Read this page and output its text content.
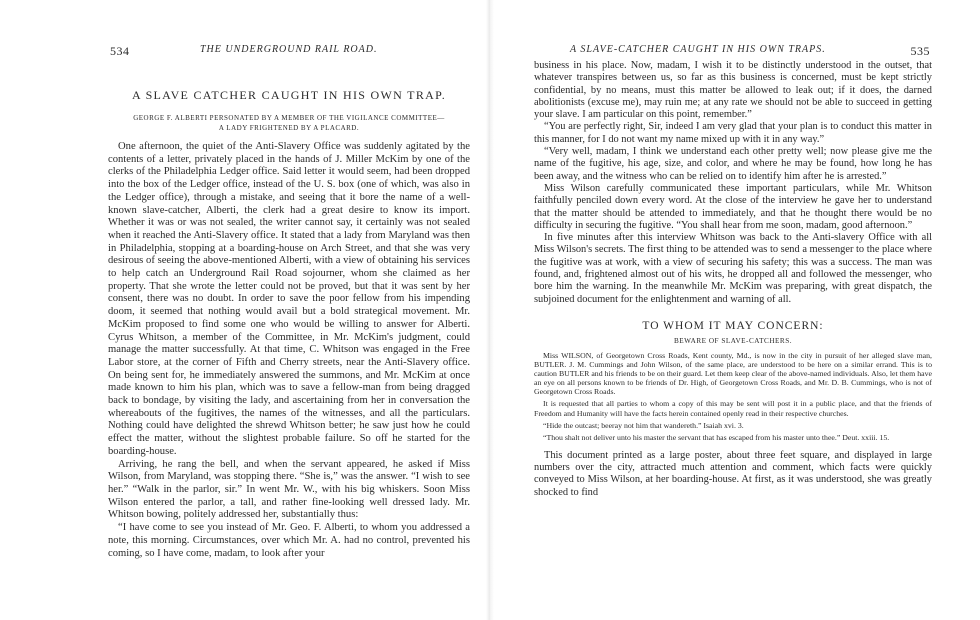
534	THE UNDERGROUND RAIL ROAD.
A SLAVE CATCHER CAUGHT IN HIS OWN TRAP.
GEORGE F. ALBERTI PERSONATED BY A MEMBER OF THE VIGILANCE COMMITTEE—
A LADY FRIGHTENED BY A PLACARD.

One afternoon, the quiet of the Anti-Slavery Office was suddenly agitated by the contents of a letter, privately placed in the hands of J. Miller McKim by one of the clerks of the Philadelphia Ledger office. Said letter it would seem, had been dropped into the box of the Ledger office, instead of the U. S. box (one of which, was also in the Ledger office), through a mistake, and seeing that it bore the name of a well-known slave-catcher, Alberti, the clerk had a great desire to know its import. Whether it was or was not sealed, the writer cannot say, it certainly was not sealed when it reached the Anti-Slavery office. It stated that a lady from Maryland was then in Philadelphia, stopping at a boarding-house on Arch Street, and that she was very desirous of seeing the above-mentioned Alberti, with a view of obtaining his services to help catch an Underground Rail Road sojourner, whom she claimed as her property. That she wrote the letter could not be proved, but that it was sent by her consent, there was no doubt. In order to save the poor fellow from his impending doom, it seemed that nothing would avail but a bold strategical movement. Mr. McKim proposed to find some one who would be willing to answer for Alberti. Cyrus Whitson, a member of the Committee, in Mr. McKim's judgment, could manage the matter successfully. At that time, C. Whitson was engaged in the Free Labor store, at the corner of Fifth and Cherry streets, near the Anti-Slavery office. On being sent for, he immediately answered the summons, and Mr. McKim at once made known to him his plan, which was to save a fellow-man from being dragged back to bondage, by visiting the lady, and ascertaining from her in conversation the whereabouts of the fugitives, the names of the witnesses, and all the particulars. Nothing could have delighted the shrewd Whitson better; he saw just how he could effect the matter, without the slightest probable failure. So off he started for the boarding-house.

Arriving, he rang the bell, and when the servant appeared, he asked if Miss Wilson, from Maryland, was stopping there. “She is,” was the answer. “I wish to see her.” “Walk in the parlor, sir.” In went Mr. W., with his big whiskers. Soon Miss Wilson entered the parlor, a tall, and rather fine-looking well dressed lady. Mr. Whitson bowing, politely addressed her, substantially thus:

“I have come to see you instead of Mr. Geo. F. Alberti, to whom you addressed a note, this morning. Circumstances, over which Mr. A. had no control, prevented his coming, so I have come, madam, to look after your

A SLAVE-CATCHER CAUGHT IN HIS OWN TRAPS.	535

business in his place. Now, madam, I wish it to be distinctly understood in the outset, that whatever transpires between us, so far as this business is concerned, must be kept strictly confidential, by no means, must this matter be allowed to leak out; if it does, the darned abolitionists (excuse me), may ruin me; at any rate we should not be able to succeed in getting your slave. I am particular on this point, remember.”

“You are perfectly right, Sir, indeed I am very glad that your plan is to conduct this matter in this manner, for I do not want my name mixed up with it in any way.”

“Very well, madam, I think we understand each other pretty well; now please give me the name of the fugitive, his age, size, and color, and where he may be found, how long he has been away, and the witness who can be relied on to identify him after he is arrested.”

Miss Wilson carefully communicated these important particulars, while Mr. Whitson faithfully penciled down every word. At the close of the interview he gave her to understand that the matter should be attended to immediately, and that he thought there would be no difficulty in securing the fugitive. “You shall hear from me soon, madam, good afternoon.”

In five minutes after this interview Whitson was back to the Anti-slavery Office with all Miss Wilson's secrets. The first thing to be attended was to send a messenger to the place where the fugitive was at work, with a view of securing his safety; this was a success. The man was found, and, frightened almost out of his wits, he dropped all and followed the messenger, who bore him the warning. In the meanwhile Mr. McKim was preparing, with great dispatch, the subjoined document for the enlightenment and warning of all.

TO WHOM IT MAY CONCERN:
BEWARE OF SLAVE-CATCHERS.

Miss WILSON, of Georgetown Cross Roads, Kent county, Md., is now in the city in pursuit of her alleged slave man, BUTLER. J. M. Cummings and John Wilson, of the same place, are understood to be here on a similar errand. This is to caution BUTLER and his friends to be on their guard. Let them keep clear of the above-named individuals. Also, let them have an eye on all persons known to be friends of Dr. High, of Georgetown Cross Roads, and Mr. D. B. Cummings, who is not of Georgetown Cross Roads.

It is requested that all parties to whom a copy of this may be sent will post it in a public place, and that the friends of Freedom and Humanity will have the facts herein contained openly read in their respective churches.

“Hide the outcast; beeray not him that wandereth.” Isaiah xvi. 3.

“Thou shalt not deliver unto his master the servant that has escaped from his master unto thee.” Deut. xxiii. 15.

This document printed as a large poster, about three feet square, and displayed in large numbers over the city, attracted much attention and comment, which facts were quickly conveyed to Miss Wilson, at her boarding-house. At first, as it was understood, she was greatly shocked to find
